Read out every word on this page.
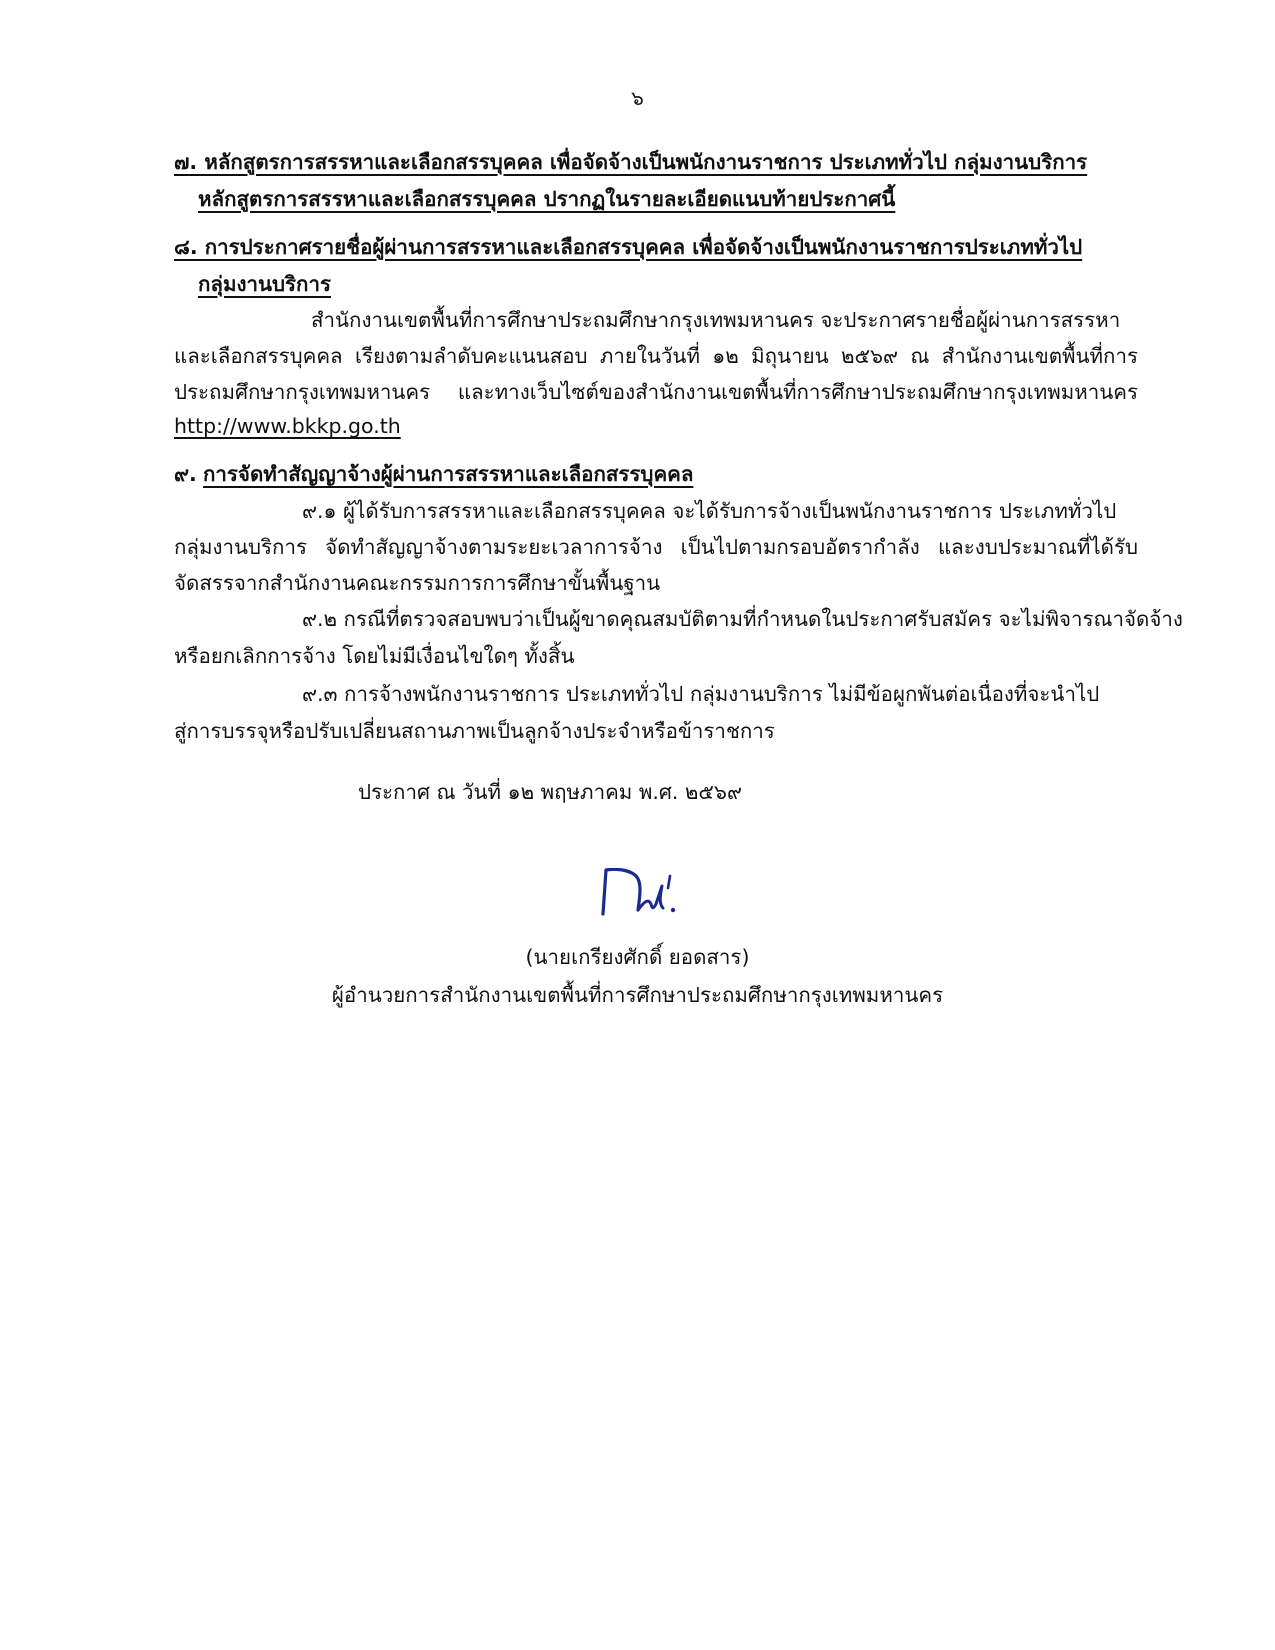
๖
๗. หลักสูตรการสรรหาและเลือกสรรบุคคล เพื่อจัดจ้างเป็นพนักงานราชการ ประเภททั่วไป กลุ่มงานบริการ
หลักสูตรการสรรหาและเลือกสรรบุคคล ปรากฏในรายละเอียดแนบท้ายประกาศนี้
๘. การประกาศรายชื่อผู้ผ่านการสรรหาและเลือกสรรบุคคล เพื่อจัดจ้างเป็นพนักงานราชการประเภททั่วไป
กลุ่มงานบริการ
สำนักงานเขตพื้นที่การศึกษาประถมศึกษากรุงเทพมหานคร จะประกาศรายชื่อผู้ผ่านการสรรหา
และเลือกสรรบุคคล เรียงตามลำดับคะแนนสอบ ภายในวันที่ ๑๒ มิถุนายน ๒๕๖๙ ณ สำนักงานเขตพื้นที่การ
ประถมศึกษากรุงเทพมหานคร และทางเว็บไซต์ของสำนักงานเขตพื้นที่การศึกษาประถมศึกษากรุงเทพมหานคร
http://www.bkkp.go.th
๙. การจัดทำสัญญาจ้างผู้ผ่านการสรรหาและเลือกสรรบุคคล
๙.๑ ผู้ได้รับการสรรหาและเลือกสรรบุคคล จะได้รับการจ้างเป็นพนักงานราชการ ประเภททั่วไป
กลุ่มงานบริการ จัดทำสัญญาจ้างตามระยะเวลาการจ้าง เป็นไปตามกรอบอัตรากำลัง และงบประมาณที่ได้รับ
จัดสรรจากสำนักงานคณะกรรมการการศึกษาขั้นพื้นฐาน
๙.๒ กรณีที่ตรวจสอบพบว่าเป็นผู้ขาดคุณสมบัติตามที่กำหนดในประกาศรับสมัคร จะไม่พิจารณาจัดจ้าง
หรือยกเลิกการจ้าง โดยไม่มีเงื่อนไขใดๆ ทั้งสิ้น
๙.๓ การจ้างพนักงานราชการ ประเภททั่วไป กลุ่มงานบริการ ไม่มีข้อผูกพันต่อเนื่องที่จะนำไป
สู่การบรรจุหรือปรับเปลี่ยนสถานภาพเป็นลูกจ้างประจำหรือข้าราชการ
ประกาศ ณ วันที่ ๑๒ พฤษภาคม พ.ศ. ๒๕๖๙
(นายเกรียงศักดิ์ ยอดสาร)
ผู้อำนวยการสำนักงานเขตพื้นที่การศึกษาประถมศึกษากรุงเทพมหานคร
